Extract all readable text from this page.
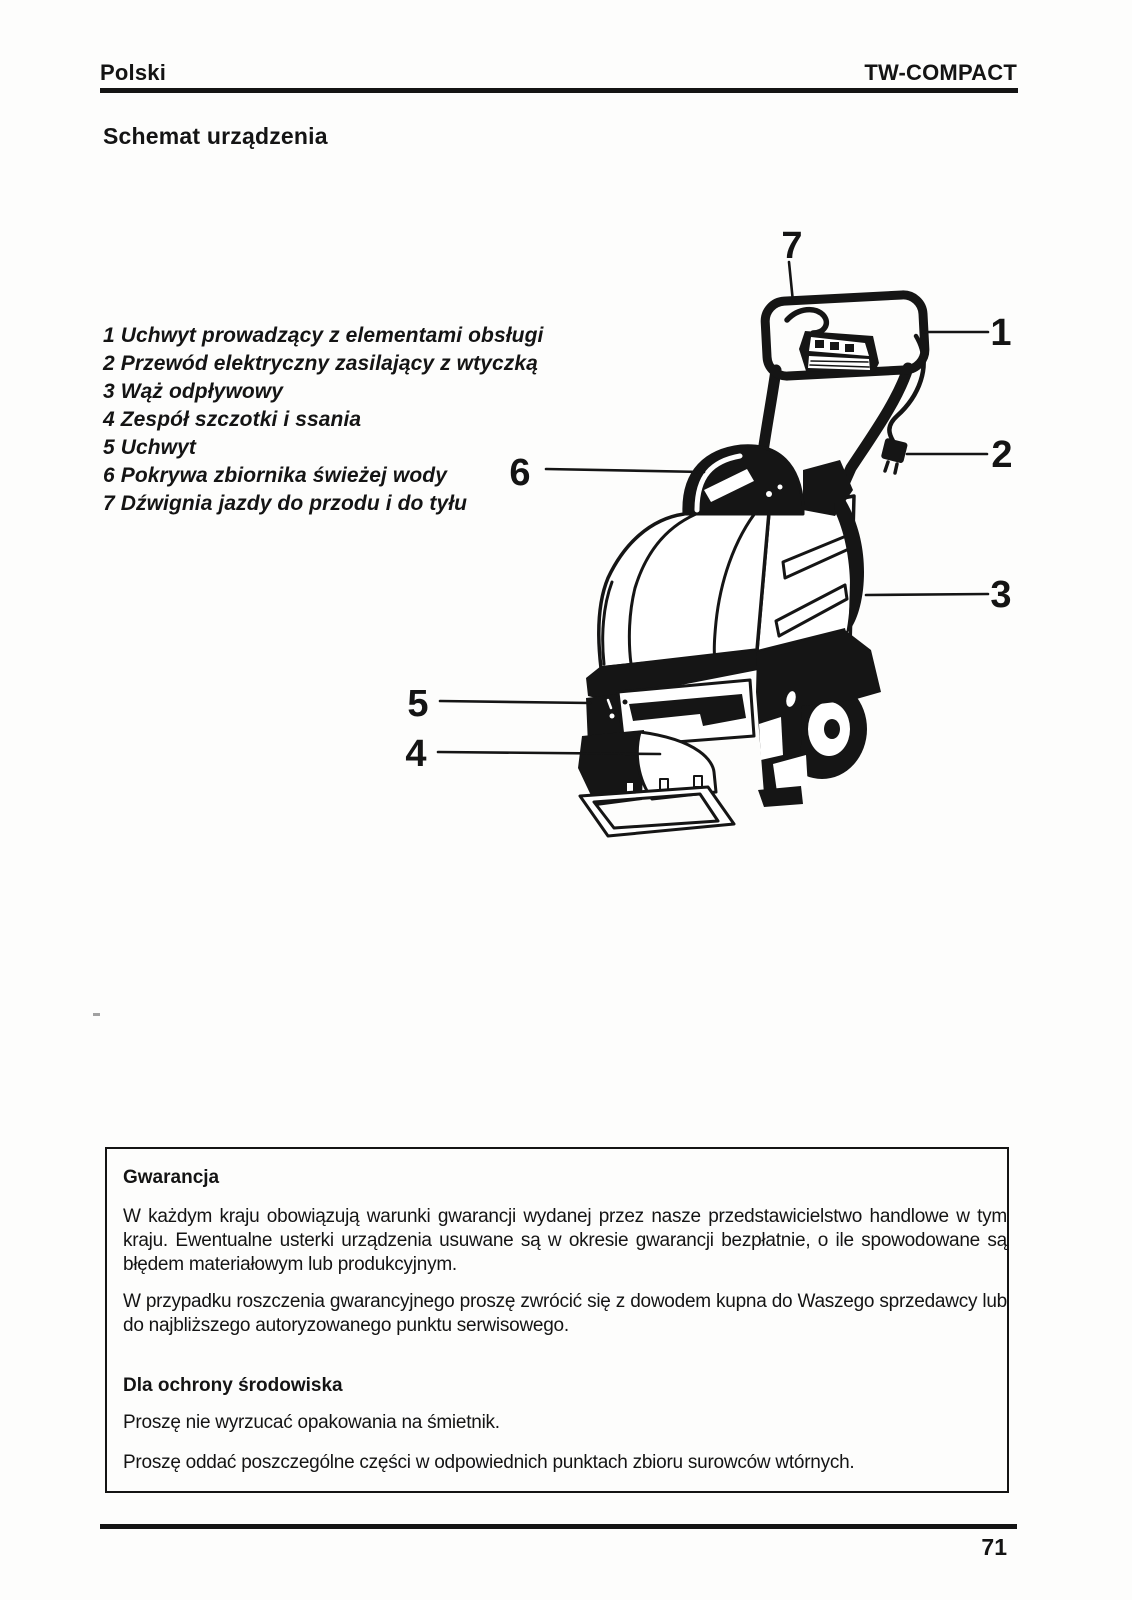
Polski	TW-COMPACT
Schemat urządzenia
1 Uchwyt prowadzący z elementami obsługi
2 Przewód elektryczny zasilający z wtyczką
3 Wąż odpływowy
4 Zespół szczotki i ssania
5 Uchwyt
6 Pokrywa zbiornika świeżej wody
7 Dźwignia jazdy do przodu i do tyłu
7
1
2
3
6
5
4
Gwarancja
W każdym kraju obowiązują warunki gwarancji wydanej przez nasze przedstawicielstwo handlowe w tym kraju. Ewentualne usterki urządzenia usuwane są w okresie gwarancji bezpłatnie, o ile spowodowane są błędem materiałowym lub produkcyjnym.
W przypadku roszczenia gwarancyjnego proszę zwrócić się z dowodem kupna do Waszego sprzedawcy lub do najbliższego autoryzowanego punktu serwisowego.
Dla ochrony środowiska
Proszę nie wyrzucać opakowania na śmietnik.
Proszę oddać poszczególne części w odpowiednich punktach zbioru surowców wtórnych.
71
